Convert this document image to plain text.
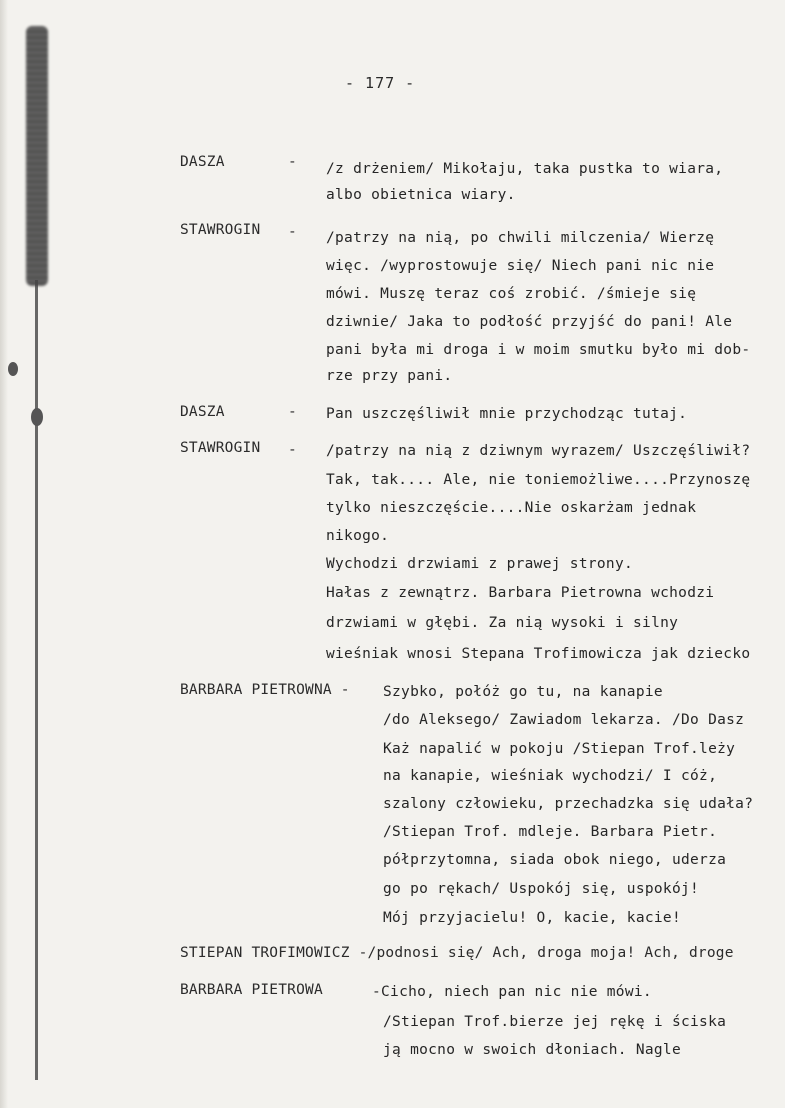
- 177 -
DASZA	- /z drżeniem/ Mikołaju, taka pustka to wiara,
albo obietnica wiary.
STAWROGIN - /patrzy na nią, po chwili milczenia/ Wierzę
więc. /wyprostowuje się/ Niech pani nic nie
mówi. Muszę teraz coś zrobić. /śmieje się
dziwnie/ Jaka to podłość przyjść do pani! Ale
pani była mi droga i w moim smutku było mi dob-
rze przy pani.
DASZA	- Pan uszczęśliwił mnie przychodząc tutaj.
STAWROGIN - /patrzy na nią z dziwnym wyrazem/ Uszczęśliwił?
Tak, tak.... Ale, nie toniemożliwe....Przynoszę
tylko nieszczęście....Nie oskarżam jednak
nikogo.
Wychodzi drzwiami z prawej strony.
Hałas z zewnątrz. Barbara Pietrowna wchodzi
drzwiami w głębi. Za nią wysoki i silny
wieśniak wnosi Stepana Trofimowicza jak dziecko
BARBARA PIETROWNA - Szybko, połóż go tu, na kanapie
/do Aleksego/ Zawiadom lekarza. /Do Dasz
Każ napalić w pokoju /Stiepan Trof.leży
na kanapie, wieśniak wychodzi/ I cóż,
szalony człowieku, przechadzka się udała?
/Stiepan Trof. mdleje. Barbara Pietr.
półprzytomna, siada obok niego, uderza
go po rękach/ Uspokój się, uspokój!
Mój przyjacielu! O, kacie, kacie!
STIEPAN TROFIMOWICZ -/podnosi się/ Ach, droga moja! Ach, droge
BARBARA PIETROWA	-Cicho, niech pan nic nie mówi.
/Stiepan Trof.bierze jej rękę i ściska
ją mocno w swoich dłoniach. Nagle
